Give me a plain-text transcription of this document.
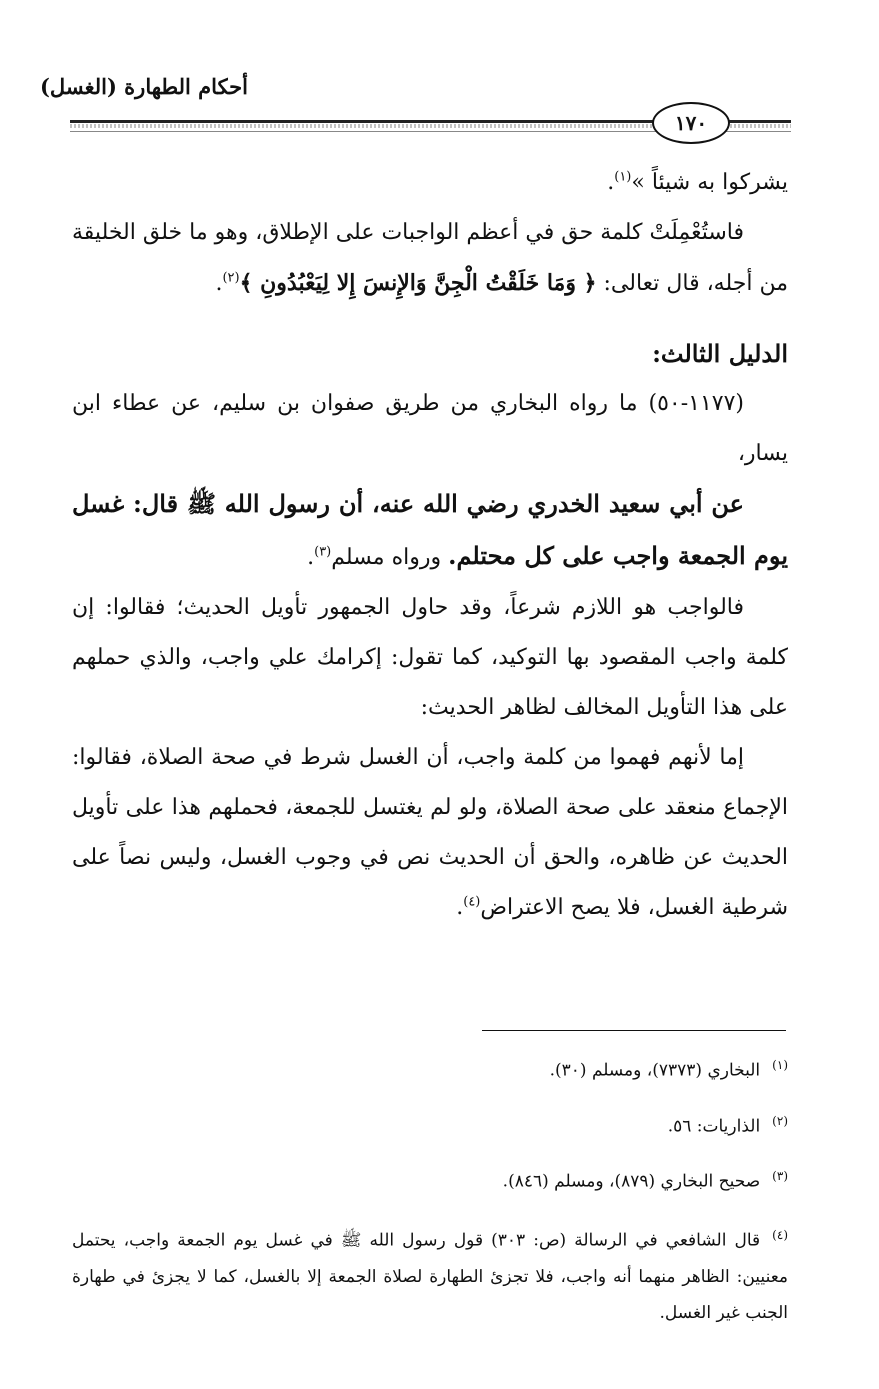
أحكام الطهارة (الغسل)
١٧٠

يشركوا به شيئاً »$^{(١)}$.

فاستُعْمِلَتْ كلمة حق في أعظم الواجبات على الإطلاق، وهو ما خلق الخليقة من أجله، قال تعالى: ﴿ وَمَا خَلَقْتُ الْجِنَّ وَالإِنسَ إِلا لِيَعْبُدُونِ ﴾$^{(٢)}$.

الدليل الثالث:

(١١٧٧-٥٠) ما رواه البخاري من طريق صفوان بن سليم، عن عطاء ابن يسار،

عن أبي سعيد الخدري رضي الله عنه، أن رسول الله ﷺ قال: غسل يوم الجمعة واجب على كل محتلم. ورواه مسلم$^{(٣)}$.

فالواجب هو اللازم شرعاً، وقد حاول الجمهور تأويل الحديث؛ فقالوا: إن كلمة واجب المقصود بها التوكيد، كما تقول: إكرامك علي واجب، والذي حملهم على هذا التأويل المخالف لظاهر الحديث:

إما لأنهم فهموا من كلمة واجب، أن الغسل شرط في صحة الصلاة، فقالوا: الإجماع منعقد على صحة الصلاة، ولو لم يغتسل للجمعة، فحملهم هذا على تأويل الحديث عن ظاهره، والحق أن الحديث نص في وجوب الغسل، وليس نصاً على شرطية الغسل، فلا يصح الاعتراض$^{(٤)}$.

$^{(١)}$البخاري (٧٣٧٣)، ومسلم (٣٠).

$^{(٢)}$الذاريات: ٥٦.

$^{(٣)}$صحيح البخاري (٨٧٩)، ومسلم (٨٤٦).

$^{(٤)}$قال الشافعي في الرسالة (ص: ٣٠٣) قول رسول الله ﷺ في غسل يوم الجمعة واجب، يحتمل معنيين: الظاهر منهما أنه واجب، فلا تجزئ الطهارة لصلاة الجمعة إلا بالغسل، كما لا يجزئ في طهارة الجنب غير الغسل.
